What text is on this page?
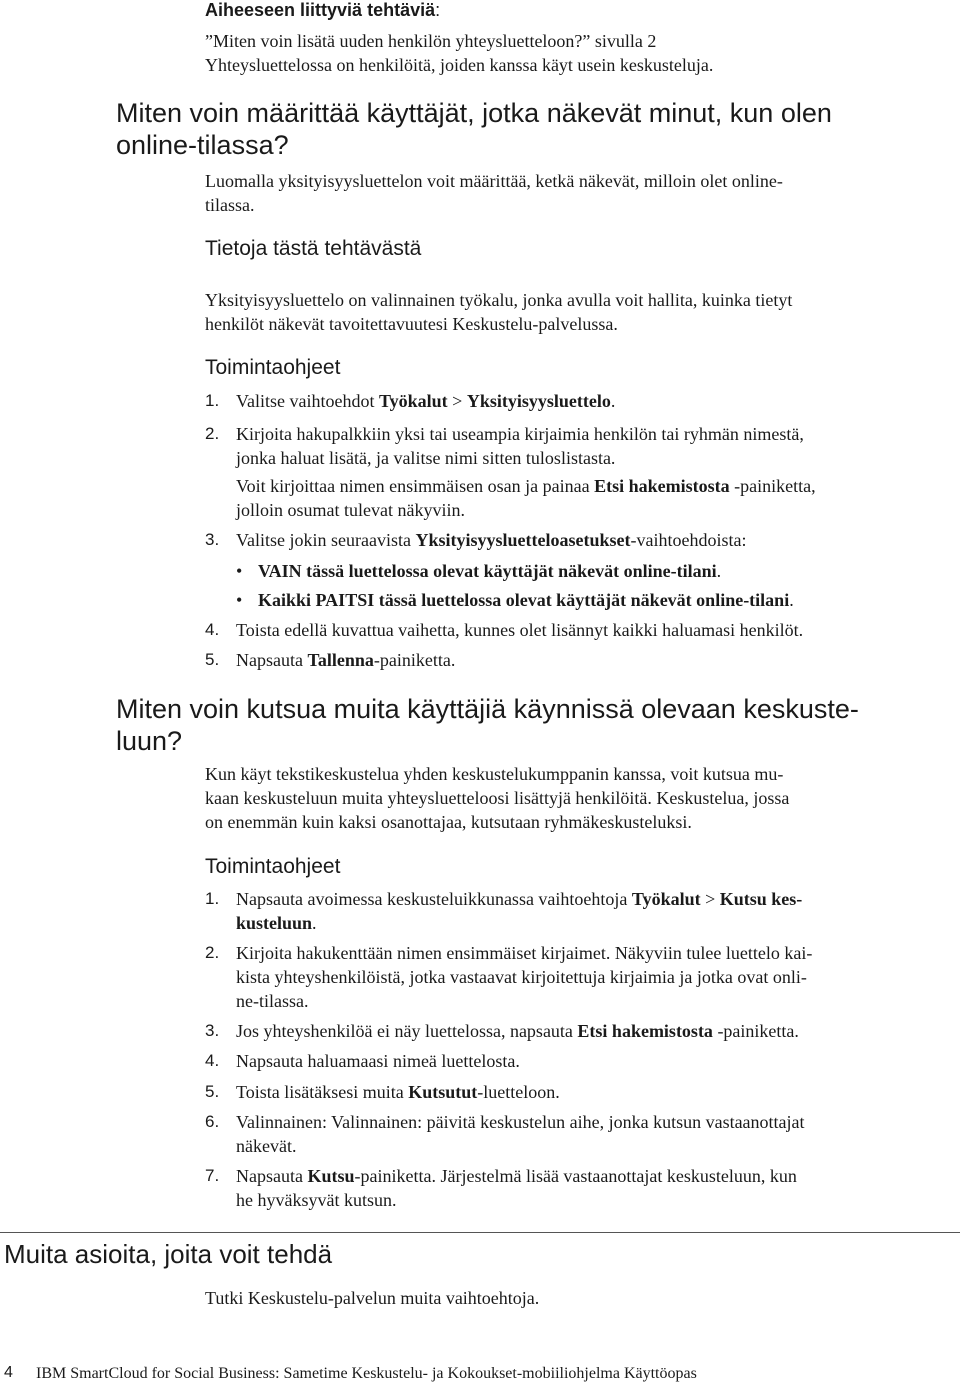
Aiheeseen liittyviä tehtäviä:
”Miten voin lisätä uuden henkilön yhteysluetteloon?” sivulla 2
Yhteysluettelossa on henkilöitä, joiden kanssa käyt usein keskusteluja.
Miten voin määrittää käyttäjät, jotka näkevät minut, kun olen
online-tilassa?
Luomalla yksityisyysluettelon voit määrittää, ketkä näkevät, milloin olet online-
tilassa.
Tietoja tästä tehtävästä
Yksityisyysluettelo on valinnainen työkalu, jonka avulla voit hallita, kuinka tietyt
henkilöt näkevät tavoitettavuutesi Keskustelu-palvelussa.
Toimintaohjeet
1. Valitse vaihtoehdot Työkalut > Yksityisyysluettelo.
2. Kirjoita hakupalkkiin yksi tai useampia kirjaimia henkilön tai ryhmän nimestä,
jonka haluat lisätä, ja valitse nimi sitten tuloslistasta.
Voit kirjoittaa nimen ensimmäisen osan ja painaa Etsi hakemistosta -painiketta,
jolloin osumat tulevat näkyviin.
3. Valitse jokin seuraavista Yksityisyysluetteloasetukset-vaihtoehdoista:
• VAIN tässä luettelossa olevat käyttäjät näkevät online-tilani.
• Kaikki PAITSI tässä luettelossa olevat käyttäjät näkevät online-tilani.
4. Toista edellä kuvattua vaihetta, kunnes olet lisännyt kaikki haluamasi henkilöt.
5. Napsauta Tallenna-painiketta.
Miten voin kutsua muita käyttäjiä käynnissä olevaan keskuste-
luun?
Kun käyt tekstikeskustelua yhden keskustelukumppanin kanssa, voit kutsua mu-
kaan keskusteluun muita yhteysluetteloosi lisättyjä henkilöitä. Keskustelua, jossa
on enemmän kuin kaksi osanottajaa, kutsutaan ryhmäkeskusteluksi.
Toimintaohjeet
1. Napsauta avoimessa keskusteluikkunassa vaihtoehtoja Työkalut > Kutsu kes-
kusteluun.
2. Kirjoita hakukenttään nimen ensimmäiset kirjaimet. Näkyviin tulee luettelo kai-
kista yhteyshenkilöistä, jotka vastaavat kirjoitettuja kirjaimia ja jotka ovat onli-
ne-tilassa.
3. Jos yhteyshenkilöä ei näy luettelossa, napsauta Etsi hakemistosta -painiketta.
4. Napsauta haluamaasi nimeä luettelosta.
5. Toista lisätäksesi muita Kutsutut-luetteloon.
6. Valinnainen: Valinnainen: päivitä keskustelun aihe, jonka kutsun vastaanottajat
näkevät.
7. Napsauta Kutsu-painiketta. Järjestelmä lisää vastaanottajat keskusteluun, kun
he hyväksyvät kutsun.
Muita asioita, joita voit tehdä
Tutki Keskustelu-palvelun muita vaihtoehtoja.
4 IBM SmartCloud for Social Business: Sametime Keskustelu- ja Kokoukset-mobiiliohjelma Käyttöopas
